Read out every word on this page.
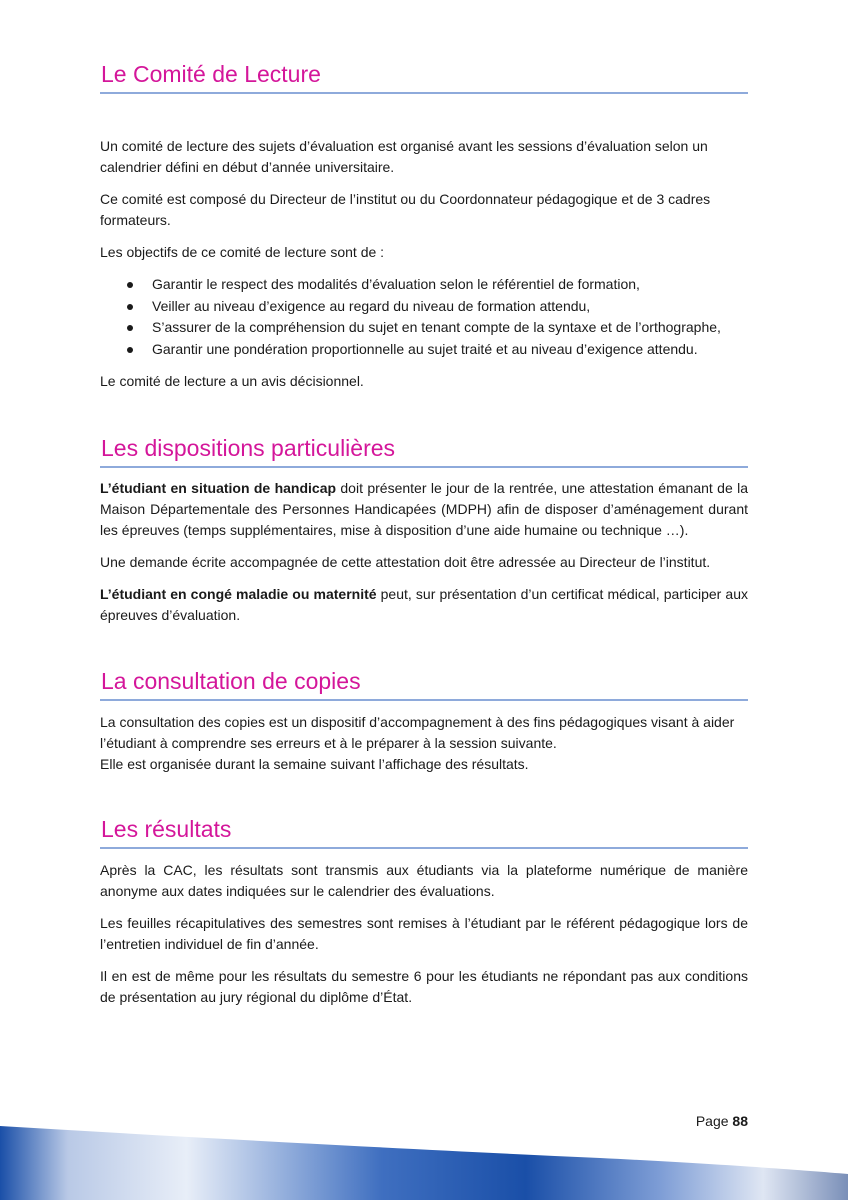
Le Comité de Lecture

Un comité de lecture des sujets d’évaluation est organisé avant les sessions d’évaluation selon un calendrier défini en début d’année universitaire.

Ce comité est composé du Directeur de l’institut ou du Coordonnateur pédagogique et de 3 cadres formateurs.

Les objectifs de ce comité de lecture sont de :

Garantir le respect des modalités d’évaluation selon le référentiel de formation,
Veiller au niveau d’exigence au regard du niveau de formation attendu,
S’assurer de la compréhension du sujet en tenant compte de la syntaxe et de l’orthographe,
Garantir une pondération proportionnelle au sujet traité et au niveau d’exigence attendu.

Le comité de lecture a un avis décisionnel.

Les dispositions particulières

L’étudiant en situation de handicap doit présenter le jour de la rentrée, une attestation émanant de la Maison Départementale des Personnes Handicapées (MDPH) afin de disposer d’aménagement durant les épreuves (temps supplémentaires, mise à disposition d’une aide humaine ou technique …).

Une demande écrite accompagnée de cette attestation doit être adressée au Directeur de l’institut.

L’étudiant en congé maladie ou maternité peut, sur présentation d’un certificat médical, participer aux épreuves d’évaluation.

La consultation de copies

La consultation des copies est un dispositif d’accompagnement à des fins pédagogiques visant à aider l’étudiant à comprendre ses erreurs et à le préparer à la session suivante.

Elle est organisée durant la semaine suivant l’affichage des résultats.

Les résultats

Après la CAC, les résultats sont transmis aux étudiants via la plateforme numérique de manière anonyme aux dates indiquées sur le calendrier des évaluations.

Les feuilles récapitulatives des semestres sont remises à l’étudiant par le référent pédagogique lors de l’entretien individuel de fin d’année.

Il en est de même pour les résultats du semestre 6 pour les étudiants ne répondant pas aux conditions de présentation au jury régional du diplôme d’État.

Page 88
